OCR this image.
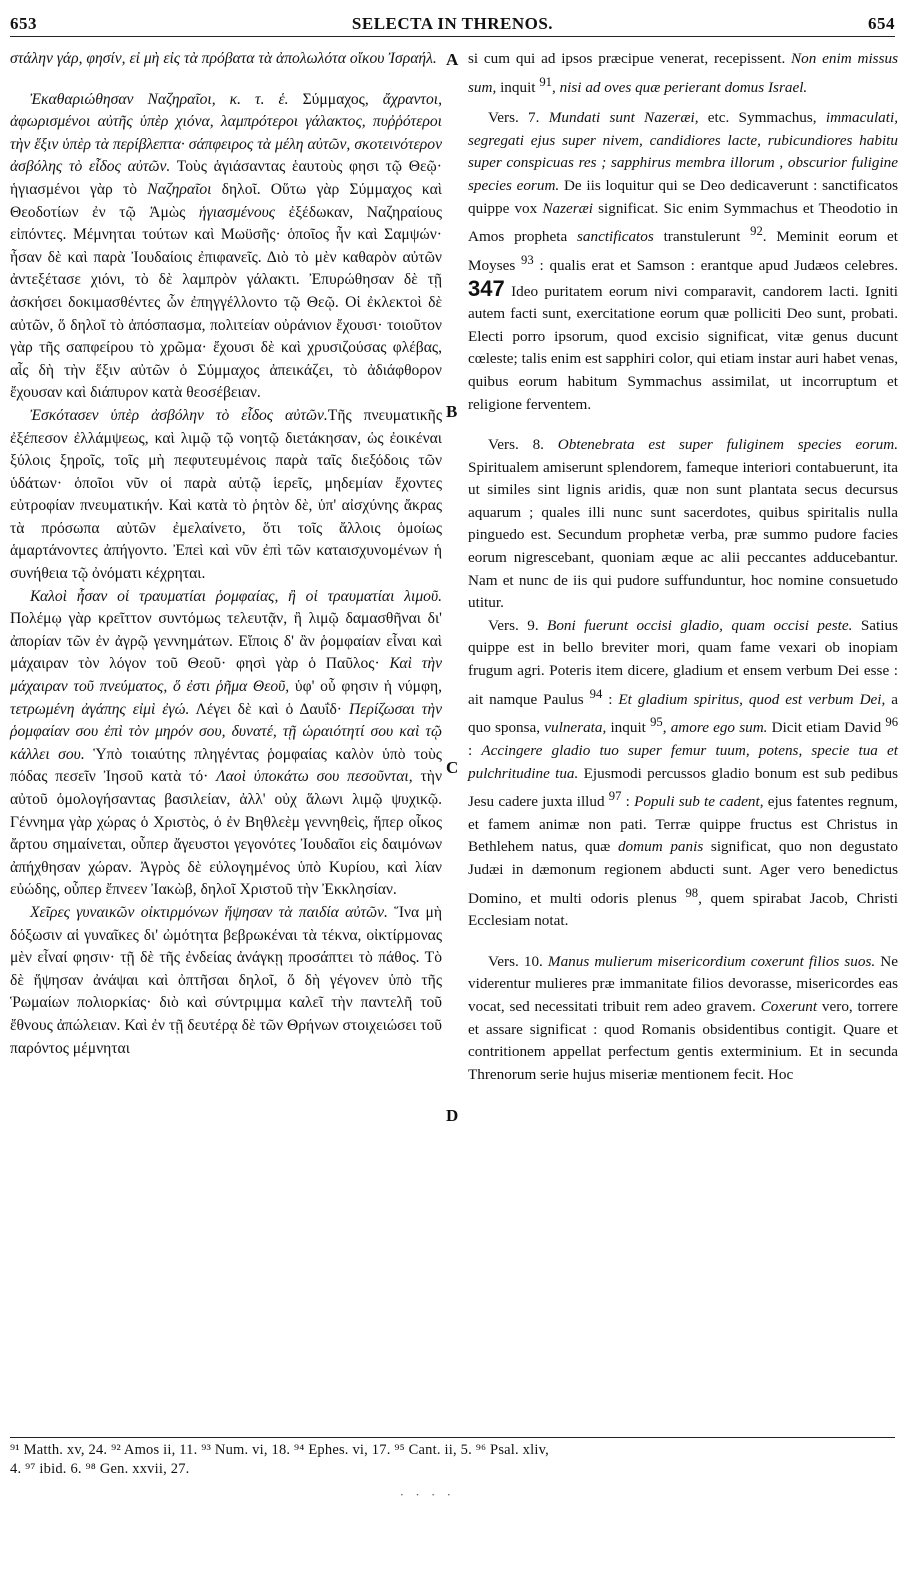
653	SELECTA IN THRENOS.	654

στάλην γάρ, φησίν, εἰ μὴ εἰς τὰ πρόβατα τὰ ἀπολωλότα οἴκου Ἰσραήλ.

Ἐκαθαριώθησαν Ναζηραῖοι, κ. τ. ἑ. Σύμμαχος, ἄχραντοι, ἀφωρισμένοι αὐτῆς ὑπὲρ χιόνα, λαμπρότεροι γάλακτος, πυῤῥότεροι τὴν ἕξιν ὑπὲρ τὰ περίβλεπτα· σάπφειρος τὰ μέλη αὐτῶν, σκοτεινότερον ἀσβόλης τὸ εἶδος αὐτῶν. Τοὺς ἁγιάσαντας ἑαυτοὺς φησι τῷ Θεῷ· ἡγιασμένοι γὰρ τὸ Ναζηραῖοι δηλοῖ. Οὕτω γὰρ Σύμμαχος καὶ Θεοδοτίων ἐν τῷ Ἀμὼς ἡγιασμένους ἐξέδωκαν, Ναζηραίους εἰπόντες. Μέμνηται τούτων καὶ Μωϋσῆς· ὁποῖος ἦν καὶ Σαμψών· ἦσαν δὲ καὶ παρὰ Ἰουδαίοις ἐπιφανεῖς. Διὸ τὸ μὲν καθαρὸν αὐτῶν ἀντεξέτασε χιόνι, τὸ δὲ λαμπρὸν γάλακτι. Ἐπυρώθησαν δὲ τῇ ἀσκήσει δοκιμασθέντες ὧν ἐπηγγέλλοντο τῷ Θεῷ. Οἱ ἐκλεκτοὶ δὲ αὐτῶν, ὅ δηλοῖ τὸ ἀπόσπασμα, πολιτείαν οὐράνιον ἔχουσι· τοιοῦτον γὰρ τῆς σαπφείρου τὸ χρῶμα· ἔχουσι δὲ καὶ χρυσιζούσας φλέβας, αἷς δὴ τὴν ἕξιν αὐτῶν ὁ Σύμμαχος ἀπεικάζει, τὸ ἀδιάφθορον ἔχουσαν καὶ διάπυρον κατὰ θεοσέβειαν.

Ἐσκότασεν ὑπὲρ ἀσβόλην τὸ εἶδος αὐτῶν.Τῆς πνευματικῆς ἐξέπεσον ἐλλάμψεως, καὶ λιμῷ τῷ νοητῷ διετάκησαν, ὡς ἐοικέναι ξύλοις ξηροῖς, τοῖς μὴ πεφυτευμένοις παρὰ ταῖς διεξόδοις τῶν ὑδάτων· ὁποῖοι νῦν οἱ παρὰ αὐτῷ ἱερεῖς, μηδεμίαν ἔχοντες εὐτροφίαν πνευματικήν. Καὶ κατὰ τὸ ῥητὸν δὲ, ὑπ' αἰσχύνης ἄκρας τὰ πρόσωπα αὐτῶν ἐμελαίνετο, ὅτι τοῖς ἄλλοις ὁμοίως ἁμαρτάνοντες ἀπήγοντο. Ἐπεὶ καὶ νῦν ἐπὶ τῶν καταισχυνομένων ἡ συνήθεια τῷ ὀνόματι κέχρηται.

Καλοὶ ἦσαν οἱ τραυματίαι ῥομφαίας, ἢ οἱ τραυματίαι λιμοῦ. Πολέμῳ γὰρ κρεῖττον συντόμως τελευτᾷν, ἢ λιμῷ δαμασθῆναι δι' ἀπορίαν τῶν ἐν ἀγρῷ γεννημάτων. Εἴποις δ' ἂν ῥομφαίαν εἶναι καὶ μάχαιραν τὸν λόγον τοῦ Θεοῦ· φησὶ γὰρ ὁ Παῦλος· Καὶ τὴν μάχαιραν τοῦ πνεύματος, ὅ ἐστι ῥῆμα Θεοῦ, ὑφ' οὗ φησιν ἡ νύμφη, τετρωμένη ἀγάπης εἰμὶ ἐγώ. Λέγει δὲ καὶ ὁ Δαυΐδ· Περίζωσαι τὴν ῥομφαίαν σου ἐπὶ τὸν μηρόν σου, δυνατέ, τῇ ὡραιότητί σου καὶ τῷ κάλλει σου. Ὑπὸ τοιαύτης πληγέντας ῥομφαίας καλὸν ὑπὸ τοὺς πόδας πεσεῖν Ἰησοῦ κατὰ τό· Λαοὶ ὑποκάτω σου πεσοῦνται, τὴν αὐτοῦ ὁμολογήσαντας βασιλείαν, ἀλλ' οὐχ ἅλωνι λιμῷ ψυχικῷ. Γέννημα γὰρ χώρας ὁ Χριστὸς, ὁ ἐν Βηθλεὲμ γεννηθεὶς, ἥπερ οἶκος ἄρτου σημαίνεται, οὗπερ ἄγευστοι γεγονότες Ἰουδαῖοι εἰς δαιμόνων ἀπήχθησαν χώραν. Ἀγρὸς δὲ εὐλογημένος ὑπὸ Κυρίου, καὶ λίαν εὐώδης, οὗπερ ἔπνεεν Ἰακὼβ, δηλοῖ Χριστοῦ τὴν Ἐκκλησίαν.

Χεῖρες γυναικῶν οἰκτιρμόνων ἥψησαν τὰ παιδία αὐτῶν. Ἵνα μὴ δόξωσιν αἱ γυναῖκες δι' ὠμότητα βεβρωκέναι τὰ τέκνα, οἰκτίρμονας μὲν εἶναί φησιν· τῇ δὲ τῆς ἐνδείας ἀνάγκῃ προσάπτει τὸ πάθος. Τὸ δὲ ἥψησαν ἀνάψαι καὶ ὀπτῆσαι δηλοῖ, ὅ δὴ γέγονεν ὑπὸ τῆς Ῥωμαίων πολιορκίας· διὸ καὶ σύντριμμα καλεῖ τὴν παντελῆ τοῦ ἔθνους ἀπώλειαν. Καὶ ἐν τῇ δευτέρᾳ δὲ τῶν Θρήνων στοιχειώσει τοῦ παρόντος μέμνηται

A
B
C
D

si cum qui ad ipsos præcipue venerat, recepissent. Non enim missus sum, inquit $^{91}$, nisi ad oves quæ perierant domus Israel.

Vers. 7. Mundati sunt Nazeræi, etc. Symmachus, immaculati, segregati ejus super nivem, candidiores lacte, rubicundiores habitu super conspicuas res ; sapphirus membra illorum , obscurior fuligine species eorum. De iis loquitur qui se Deo dedicaverunt : sanctificatos quippe vox Nazeræi significat. Sic enim Symmachus et Theodotio in Amos propheta sanctificatos transtulerunt $^{92}$. Meminit eorum et Moyses $^{93}$ : qualis erat et Samson : erantque apud Judæos celebres. 347 Ideo puritatem eorum nivi comparavit, candorem lacti. Igniti autem facti sunt, exercitatione eorum quæ polliciti Deo sunt, probati. Electi porro ipsorum, quod excisio significat, vitæ genus ducunt cœleste; talis enim est sapphiri color, qui etiam instar auri habet venas, quibus eorum habitum Symmachus assimilat, ut incorruptum et religione ferventem.

Vers. 8. Obtenebrata est super fuliginem species eorum. Spiritualem amiserunt splendorem, fameque interiori contabuerunt, ita ut similes sint lignis aridis, quæ non sunt plantata secus decursus aquarum ; quales illi nunc sunt sacerdotes, quibus spiritalis nulla pinguedo est. Secundum prophetæ verba, præ summo pudore facies eorum nigrescebant, quoniam æque ac alii peccantes adducebantur. Nam et nunc de iis qui pudore suffunduntur, hoc nomine consuetudo utitur.

Vers. 9. Boni fuerunt occisi gladio, quam occisi peste. Satius quippe est in bello breviter mori, quam fame vexari ob inopiam frugum agri. Poteris item dicere, gladium et ensem verbum Dei esse : ait namque Paulus $^{94}$ : Et gladium spiritus, quod est verbum Dei, a quo sponsa, vulnerata, inquit $^{95}$, amore ego sum. Dicit etiam David $^{96}$ : Accingere gladio tuo super femur tuum, potens, specie tua et pulchritudine tua. Ejusmodi percussos gladio bonum est sub pedibus Jesu cadere juxta illud $^{97}$ : Populi sub te cadent, ejus fatentes regnum, et famem animæ non pati. Terræ quippe fructus est Christus in Bethlehem natus, quæ domum panis significat, quo non degustato Judæi in dæmonum regionem abducti sunt. Ager vero benedictus Domino, et multi odoris plenus $^{98}$, quem spirabat Jacob, Christi Ecclesiam notat.

Vers. 10. Manus mulierum misericordium coxerunt filios suos. Ne viderentur mulieres præ immanitate filios devorasse, misericordes eas vocat, sed necessitati tribuit rem adeo gravem. Coxerunt vero, torrere et assare significat : quod Romanis obsidentibus contigit. Quare et contritionem appellat perfectum gentis exterminium. Et in secunda Threnorum serie hujus miseriæ mentionem fecit. Hoc

⁹¹ Matth. xv, 24. ⁹² Amos ii, 11. ⁹³ Num. vi, 18. ⁹⁴ Ephes. vi, 17. ⁹⁵ Cant. ii, 5. ⁹⁶ Psal. xliv,
4. ⁹⁷ ibid. 6. ⁹⁸ Gen. xxvii, 27.
· · · ·
